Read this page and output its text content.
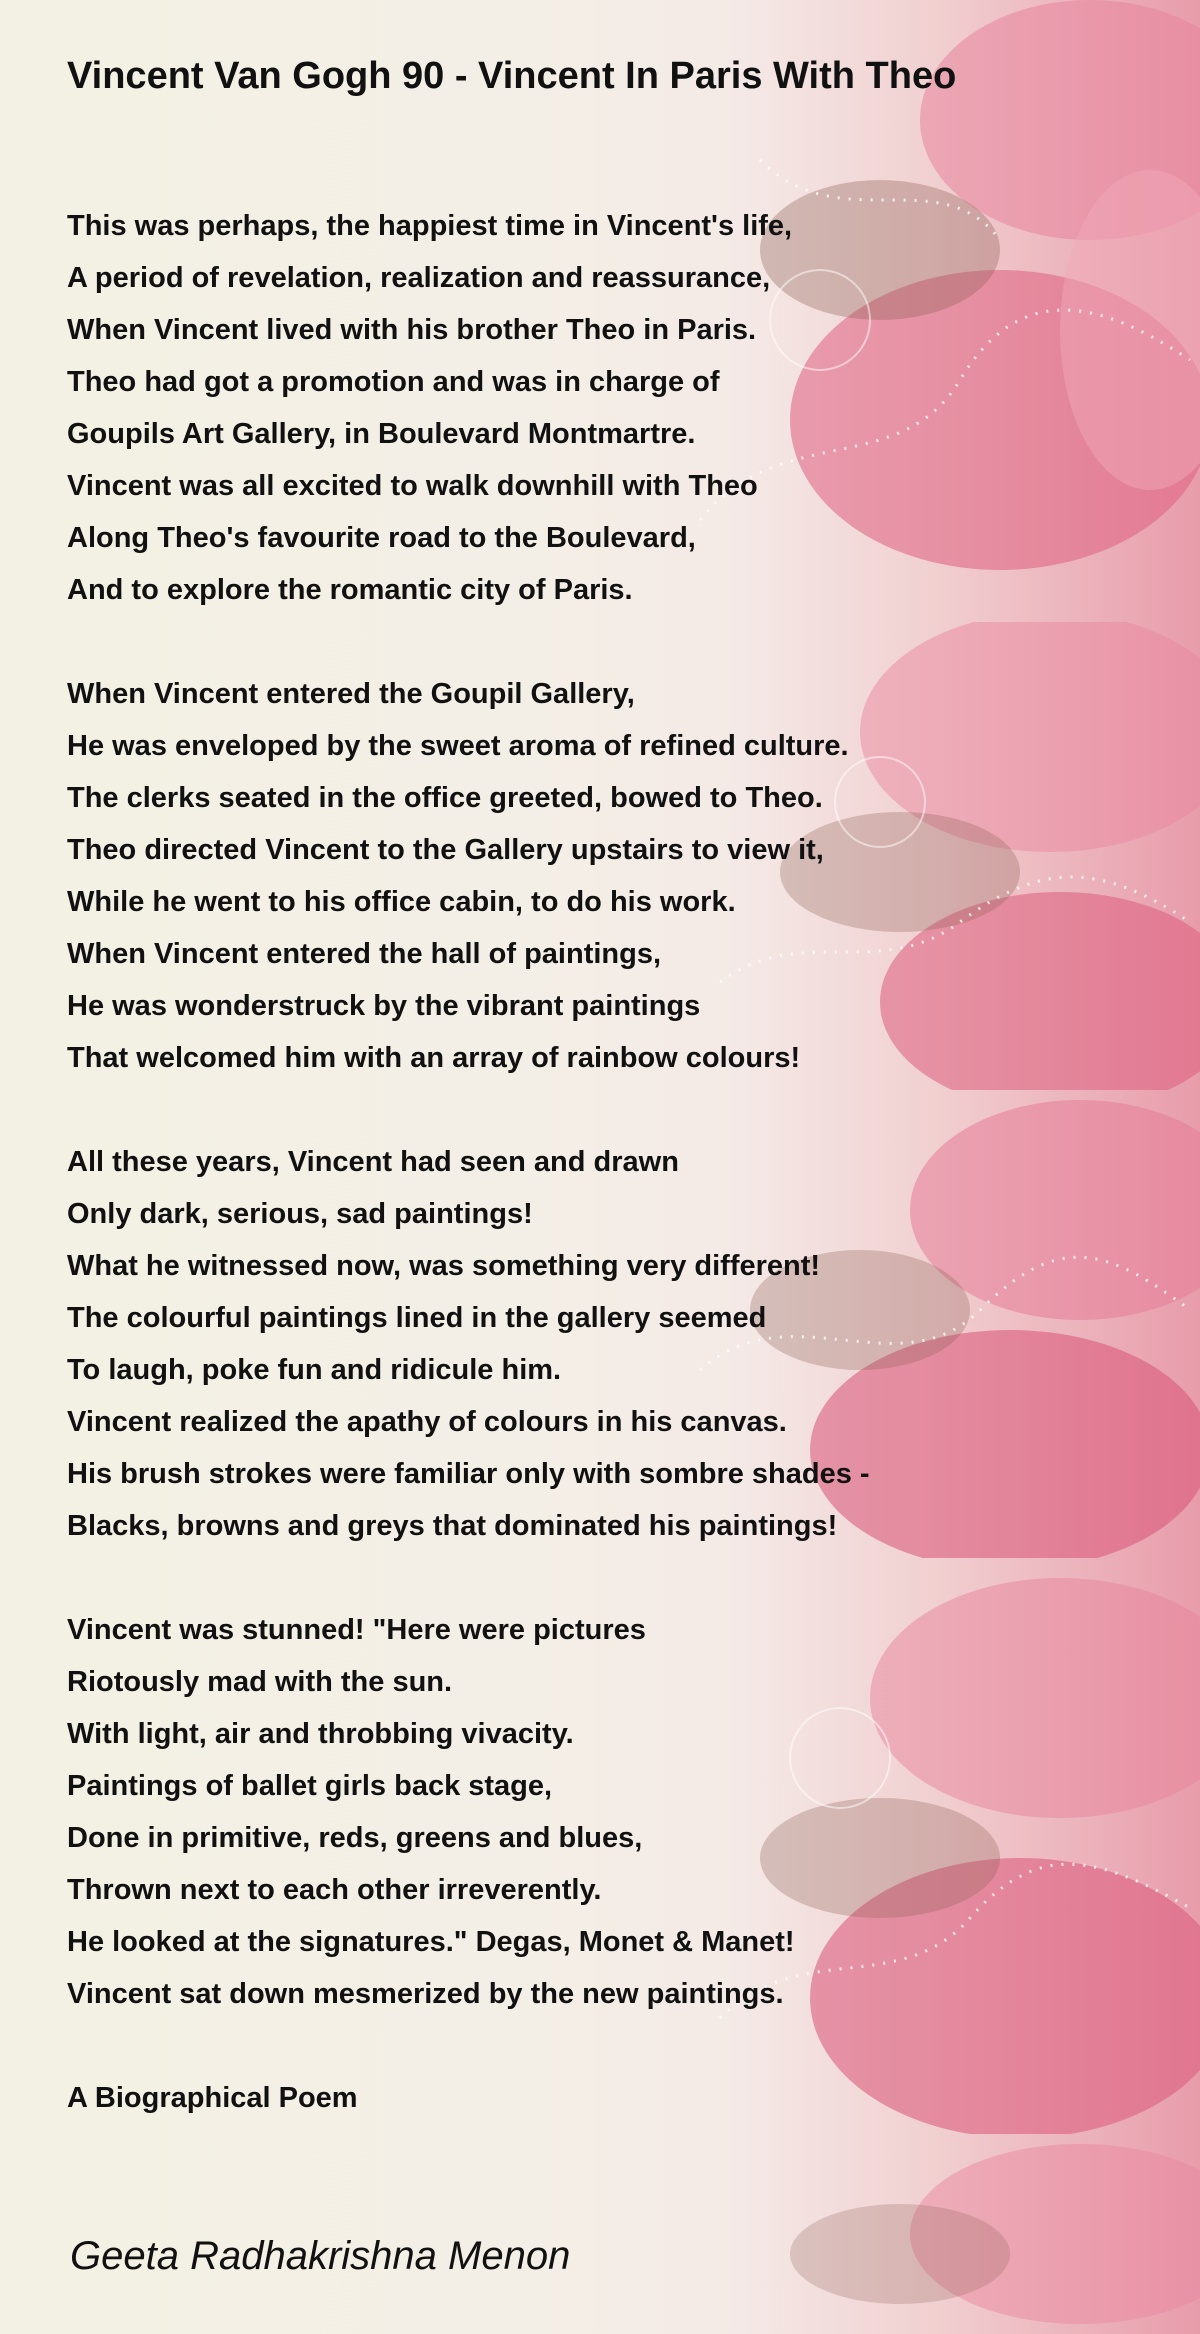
Vincent Van Gogh 90 - Vincent In Paris With Theo
This was perhaps, the happiest time in Vincent's life,
A period of revelation, realization and reassurance,
When Vincent lived with his brother Theo in Paris.
Theo had got a promotion and was in charge of
Goupils Art Gallery, in Boulevard Montmartre.
Vincent was all excited to walk downhill with Theo
Along Theo's favourite road to the Boulevard,
And to explore the romantic city of Paris.
When Vincent entered the Goupil Gallery,
He was enveloped by the sweet aroma of refined culture.
The clerks seated in the office greeted, bowed to Theo.
Theo directed Vincent to the Gallery upstairs to view it,
While he went to his office cabin, to do his work.
When Vincent entered the hall of paintings,
He was wonderstruck by the vibrant paintings
That welcomed him with an array of rainbow colours!
All these years, Vincent had seen and drawn
Only dark, serious, sad paintings!
What he witnessed now, was something very different!
The colourful paintings lined in the gallery seemed
To laugh, poke fun and ridicule him.
Vincent realized the apathy of colours in his canvas.
His brush strokes were familiar only with sombre shades -
Blacks, browns and greys that dominated his paintings!
Vincent was stunned! "Here were pictures
Riotously mad with the sun.
With light, air and throbbing vivacity.
Paintings of ballet girls back stage,
Done in primitive, reds, greens and blues,
Thrown next to each other irreverently.
He looked at the signatures." Degas, Monet & Manet!
Vincent sat down mesmerized by the new paintings.
A Biographical Poem
Geeta Radhakrishna Menon
